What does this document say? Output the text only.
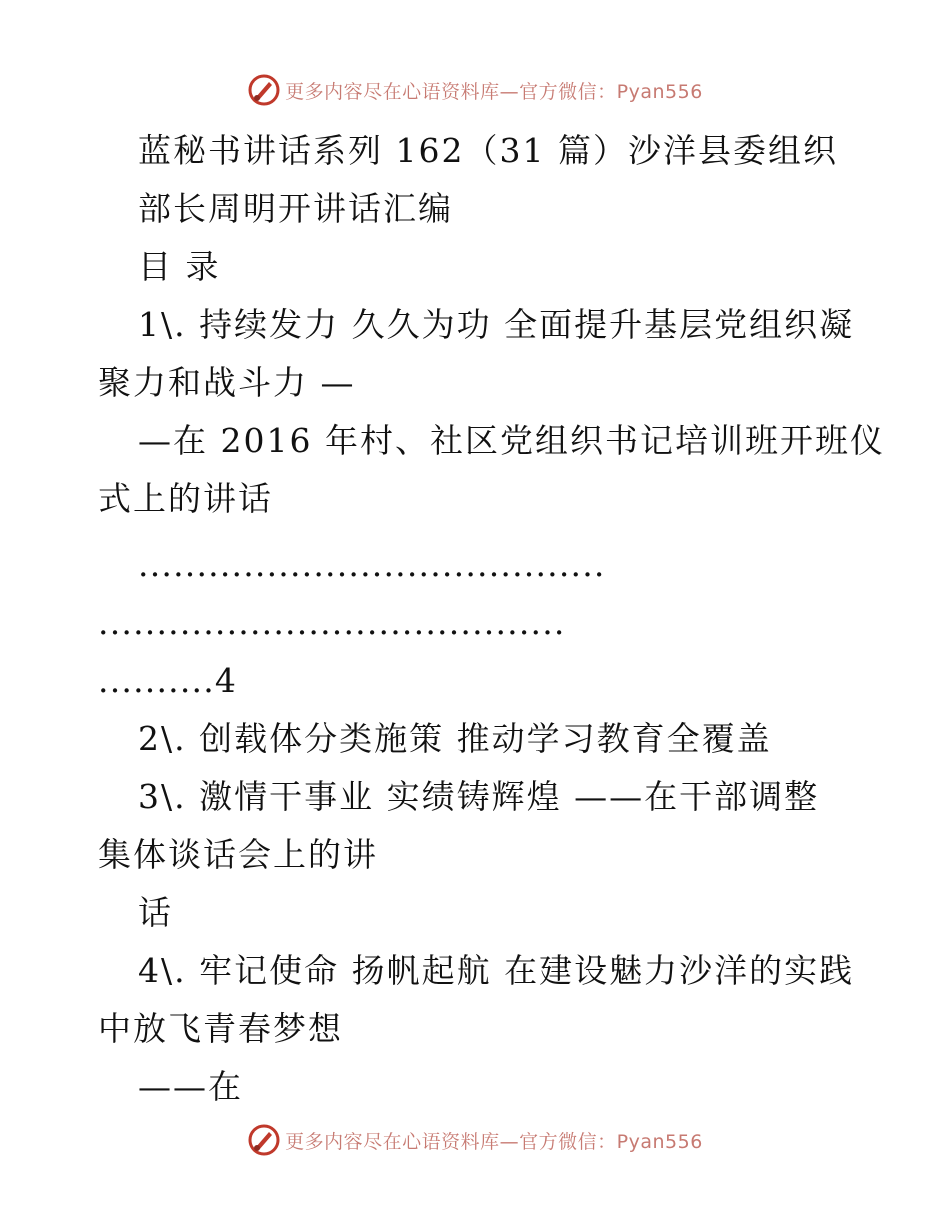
更多内容尽在心语资料库—官方微信：Pyan556
蓝秘书讲话系列 162（31 篇）沙洋县委组织
部长周明开讲话汇编
目 录
1\. 持续发力 久久为功 全面提升基层党组织凝
聚力和战斗力 —
—在 2016 年村、社区党组织书记培训班开班仪
式上的讲话
........................................
........................................
..........4
2\. 创载体分类施策 推动学习教育全覆盖
3\. 激情干事业 实绩铸辉煌 ——在干部调整
集体谈话会上的讲
话
4\. 牢记使命 扬帆起航 在建设魅力沙洋的实践
中放飞青春梦想
——在
更多内容尽在心语资料库—官方微信：Pyan556
